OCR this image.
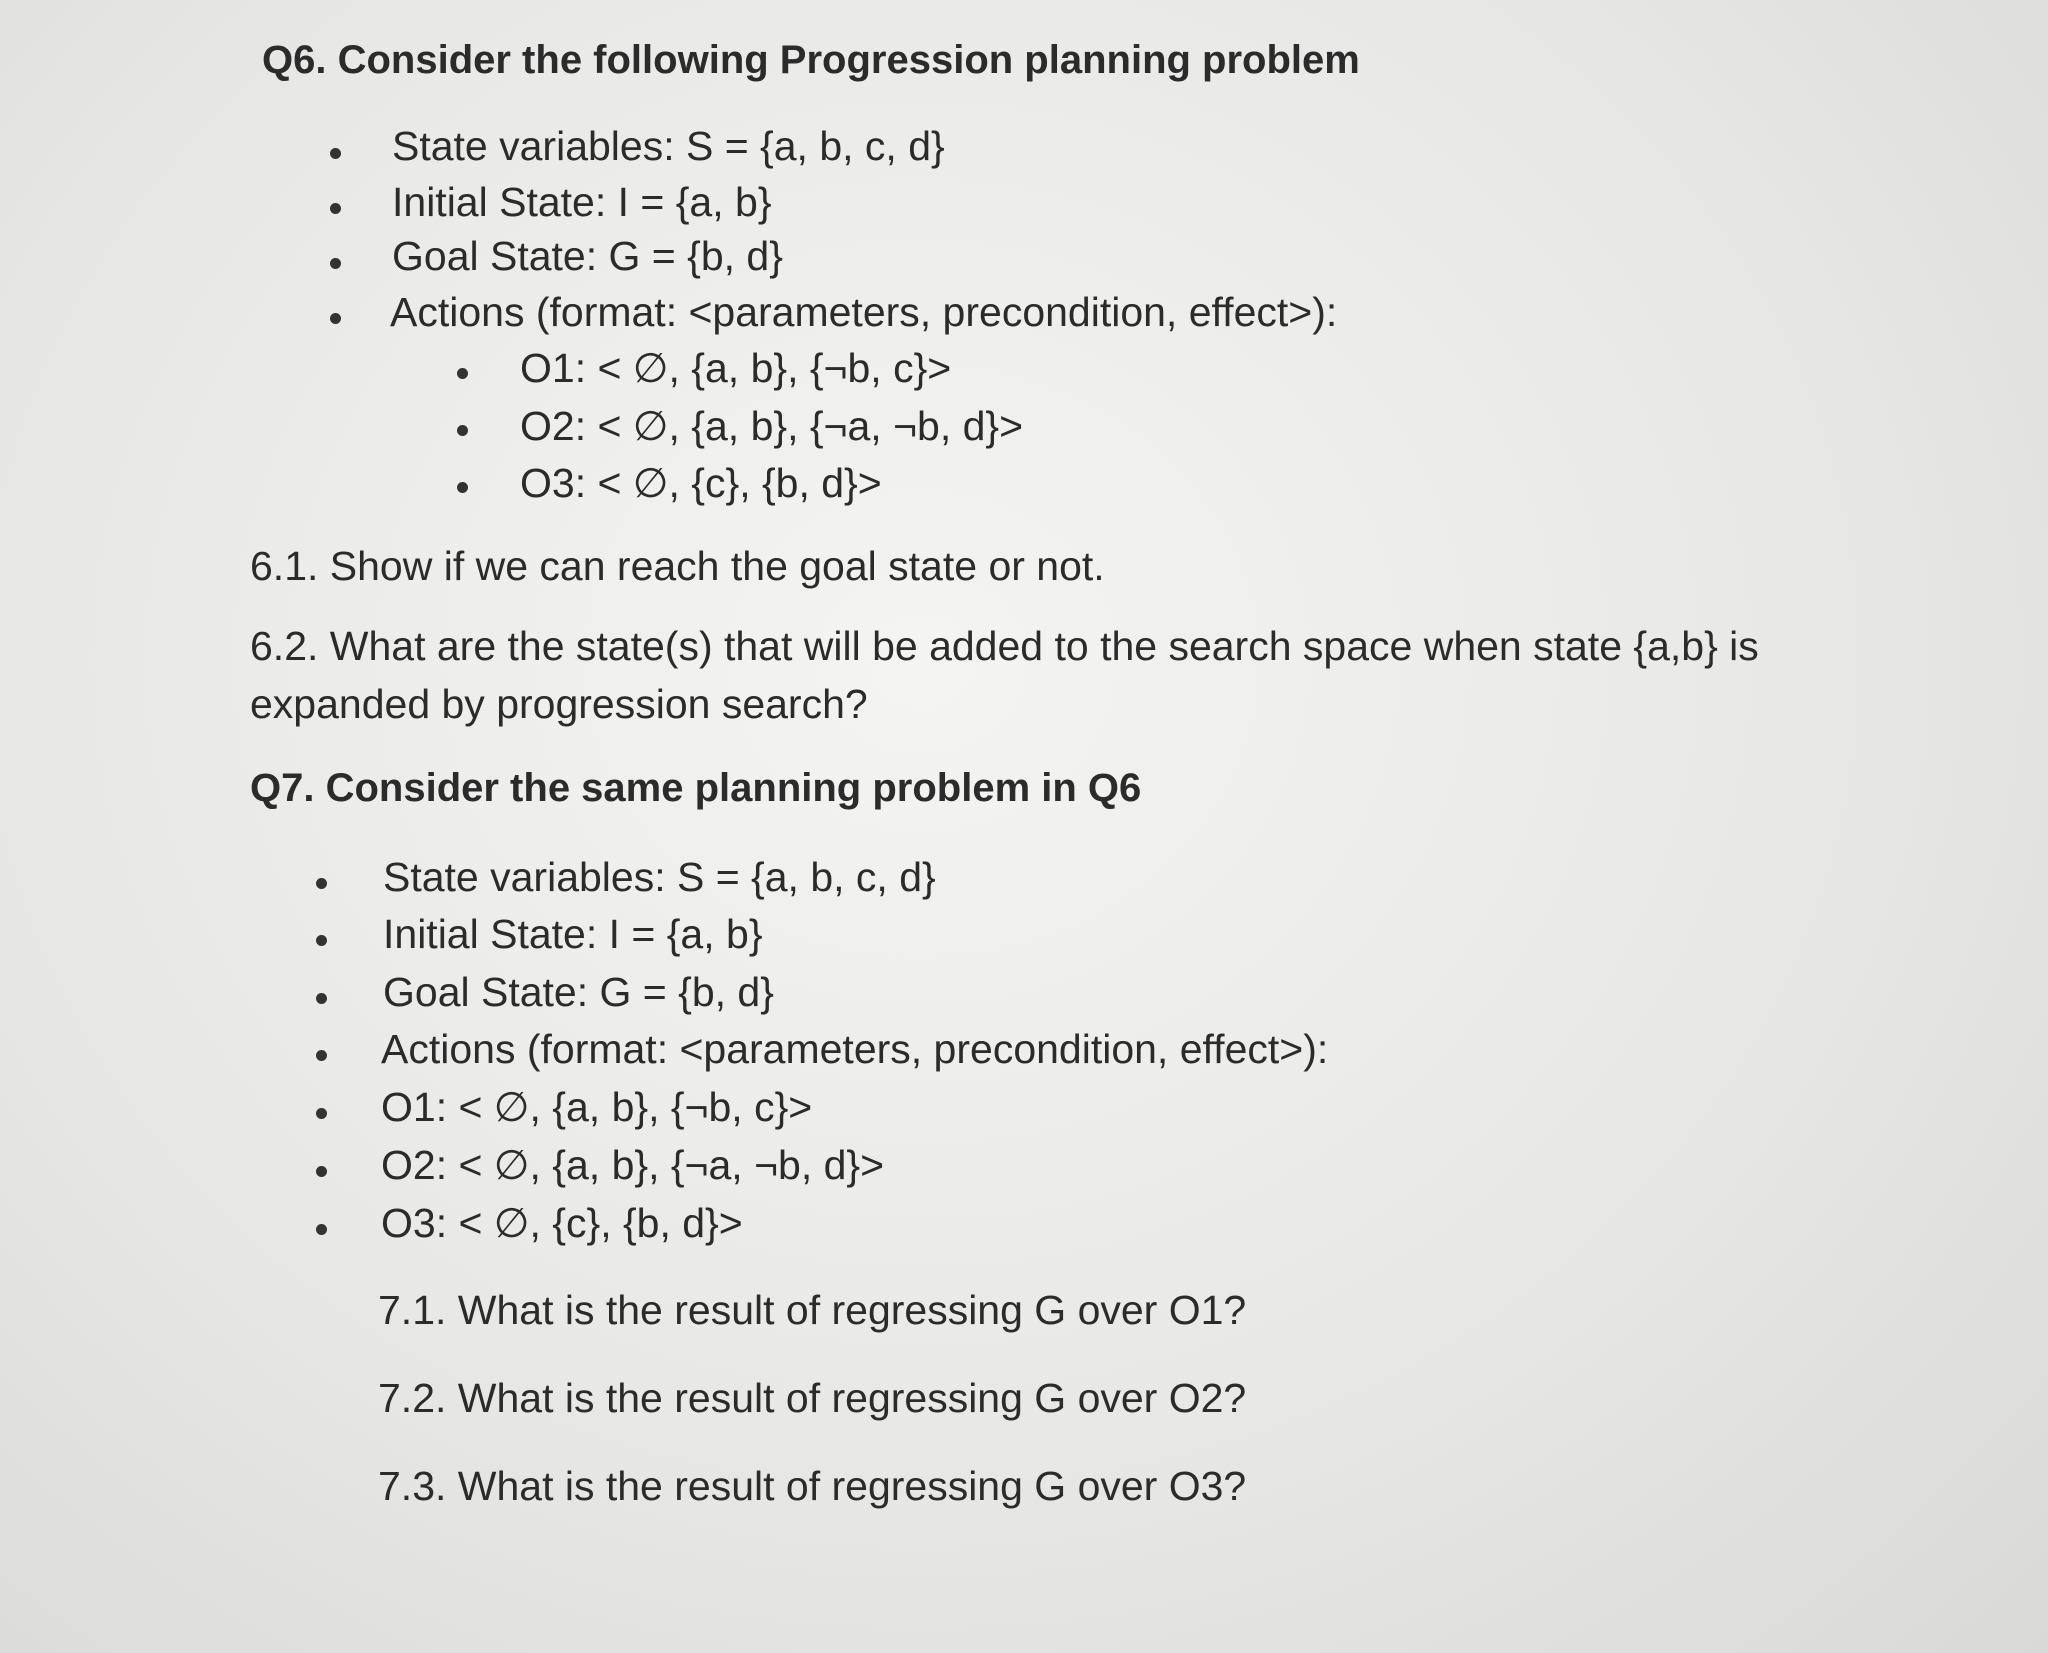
Q6. Consider the following Progression planning problem
State variables: S = {a, b, c, d}
Initial State: I = {a, b}
Goal State: G = {b, d}
Actions (format: <parameters, precondition, effect>):
O1: < ∅, {a, b}, {¬b, c}>
O2: < ∅, {a, b}, {¬a, ¬b, d}>
O3: < ∅, {c}, {b, d}>
6.1. Show if we can reach the goal state or not.
6.2. What are the state(s) that will be added to the search space when state {a,b} is
expanded by progression search?
Q7. Consider the same planning problem in Q6
State variables: S = {a, b, c, d}
Initial State: I = {a, b}
Goal State: G = {b, d}
Actions (format: <parameters, precondition, effect>):
O1: < ∅, {a, b}, {¬b, c}>
O2: < ∅, {a, b}, {¬a, ¬b, d}>
O3: < ∅, {c}, {b, d}>
7.1. What is the result of regressing G over O1?
7.2. What is the result of regressing G over O2?
7.3. What is the result of regressing G over O3?
